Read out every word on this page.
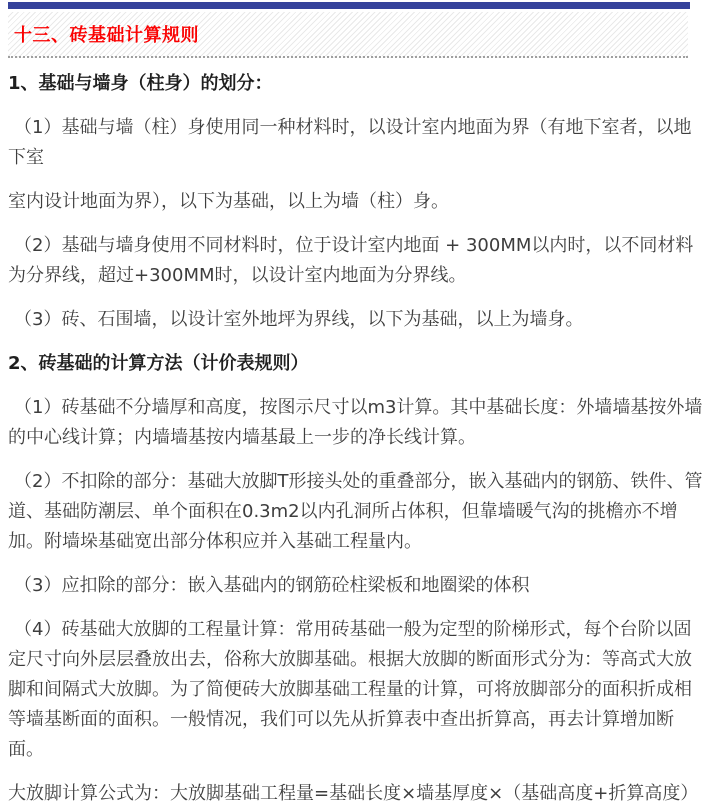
十三、砖基础计算规则
1、基础与墙身（柱身）的划分：

（1）基础与墙（柱）身使用同一种材料时，以设计室内地面为界（有地下室者，以地下室

室内设计地面为界），以下为基础，以上为墙（柱）身。

（2）基础与墙身使用不同材料时，位于设计室内地面 + 300MM以内时，以不同材料为分界线，超过+300MM时，以设计室内地面为分界线。

（3）砖、石围墙，以设计室外地坪为界线，以下为基础，以上为墙身。

2、砖基础的计算方法（计价表规则）

（1）砖基础不分墙厚和高度，按图示尺寸以m3计算。其中基础长度：外墙墙基按外墙的中心线计算；内墙墙基按内墙基最上一步的净长线计算。

（2）不扣除的部分：基础大放脚T形接头处的重叠部分，嵌入基础内的钢筋、铁件、管道、基础防潮层、单个面积在0.3m2以内孔洞所占体积，但靠墙暖气沟的挑檐亦不增加。附墙垛基础宽出部分体积应并入基础工程量内。

（3）应扣除的部分：嵌入基础内的钢筋砼柱梁板和地圈梁的体积

（4）砖基础大放脚的工程量计算：常用砖基础一般为定型的阶梯形式，每个台阶以固定尺寸向外层层叠放出去，俗称大放脚基础。根据大放脚的断面形式分为：等高式大放脚和间隔式大放脚。为了简便砖大放脚基础工程量的计算，可将放脚部分的面积折成相等墙基断面的面积。一般情况，我们可以先从折算表中查出折算高，再去计算增加断面。

大放脚计算公式为：大放脚基础工程量=基础长度×墙基厚度×（基础高度+折算高度）
